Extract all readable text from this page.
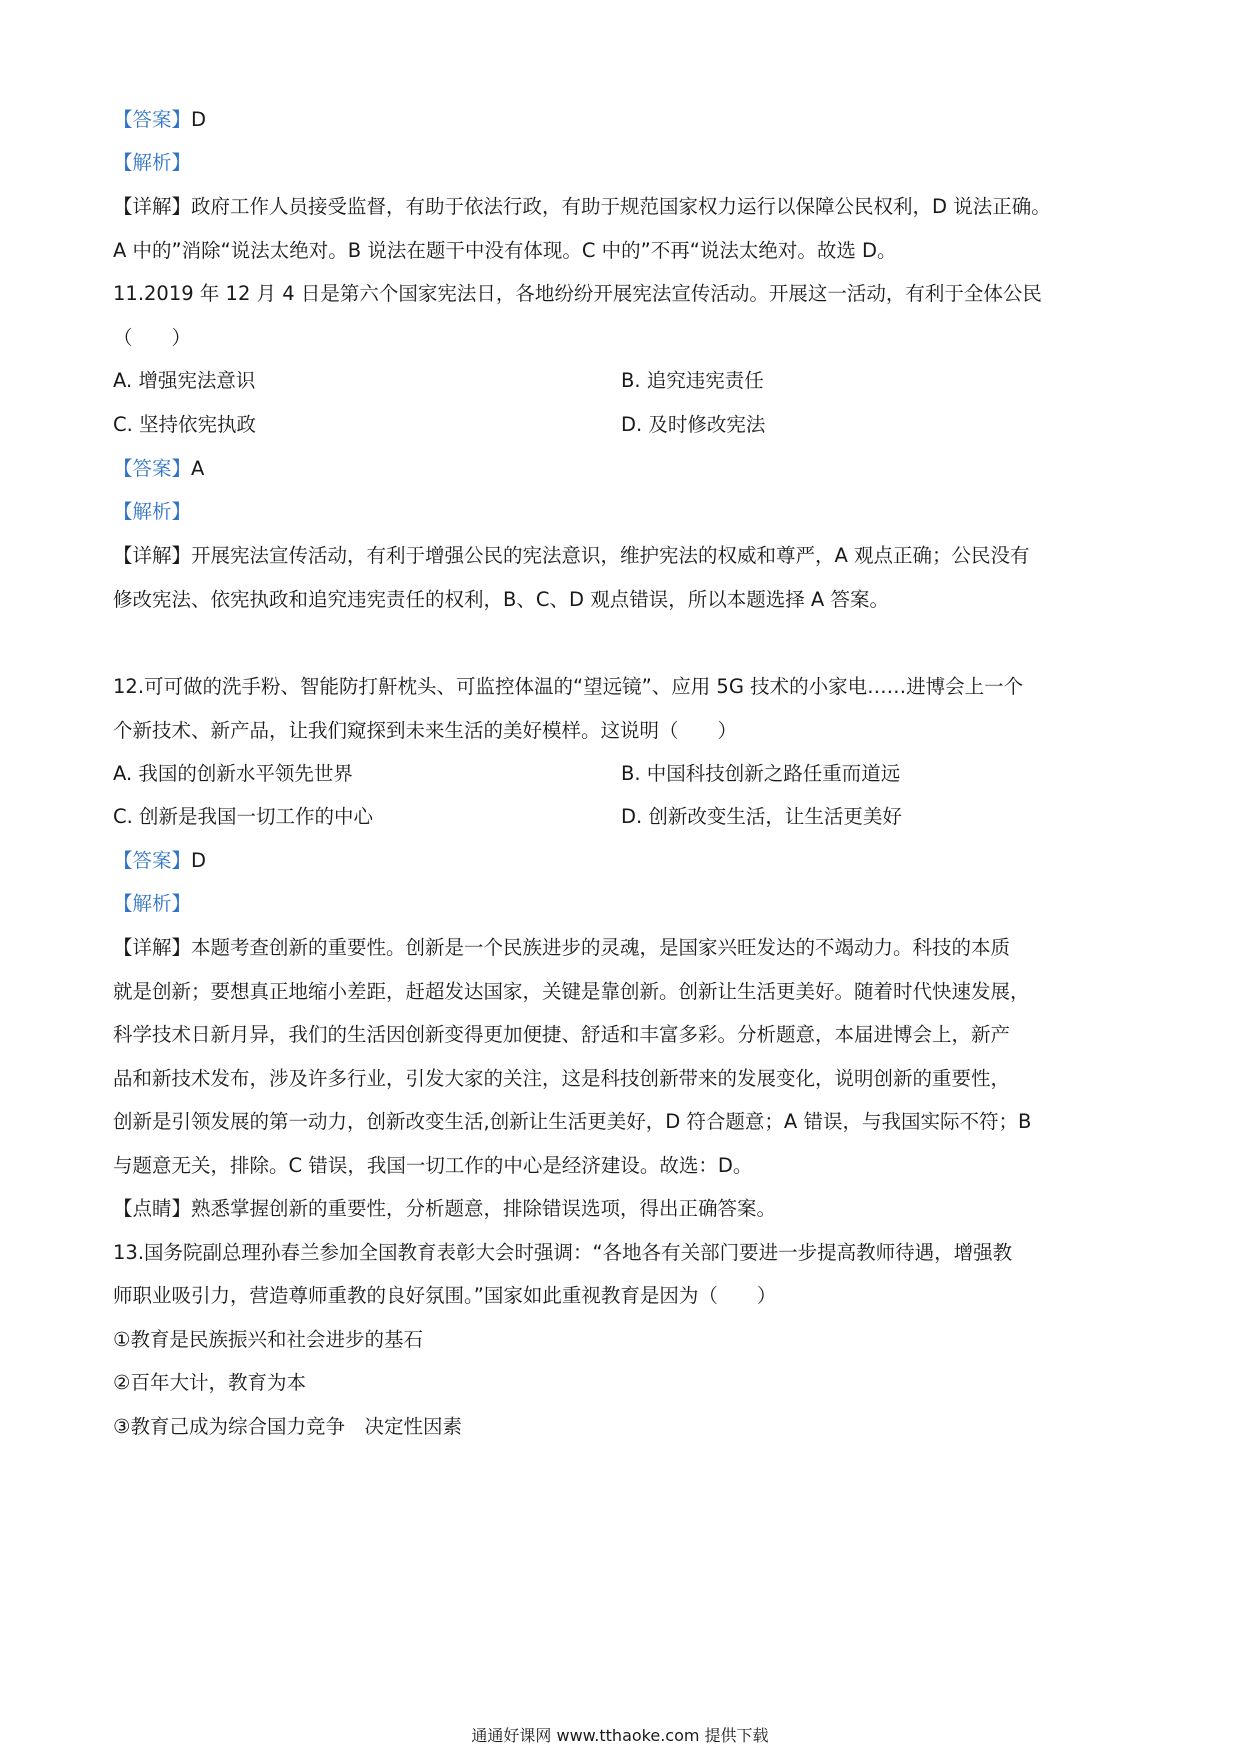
【答案】D
【解析】
【详解】政府工作人员接受监督，有助于依法行政，有助于规范国家权力运行以保障公民权利，D 说法正确。
A 中的”消除“说法太绝对。B 说法在题干中没有体现。C 中的”不再“说法太绝对。故选 D。
11.2019 年 12 月 4 日是第六个国家宪法日，各地纷纷开展宪法宣传活动。开展这一活动，有利于全体公民
（　　）
A. 增强宪法意识	B. 追究违宪责任
C. 坚持依宪执政	D. 及时修改宪法
【答案】A
【解析】
【详解】开展宪法宣传活动，有利于增强公民的宪法意识，维护宪法的权威和尊严，A 观点正确；公民没有
修改宪法、依宪执政和追究违宪责任的权利，B、C、D 观点错误，所以本题选择 A 答案。
12.可可做的洗手粉、智能防打鼾枕头、可监控体温的“望远镜”、应用 5G 技术的小家电……进博会上一个
个新技术、新产品，让我们窥探到未来生活的美好模样。这说明（　　）
A. 我国的创新水平领先世界	B. 中国科技创新之路任重而道远
C. 创新是我国一切工作的中心	D. 创新改变生活，让生活更美好
【答案】D
【解析】
【详解】本题考查创新的重要性。创新是一个民族进步的灵魂，是国家兴旺发达的不竭动力。科技的本质
就是创新；要想真正地缩小差距，赶超发达国家，关键是靠创新。创新让生活更美好。随着时代快速发展，
科学技术日新月异，我们的生活因创新变得更加便捷、舒适和丰富多彩。分析题意，本届进博会上，新产
品和新技术发布，涉及许多行业，引发大家的关注，这是科技创新带来的发展变化，说明创新的重要性，
创新是引领发展的第一动力，创新改变生活,创新让生活更美好，D 符合题意；A 错误，与我国实际不符；B
与题意无关，排除。C 错误，我国一切工作的中心是经济建设。故选：D。
【点睛】熟悉掌握创新的重要性，分析题意，排除错误选项，得出正确答案。
13.国务院副总理孙春兰参加全国教育表彰大会时强调：“各地各有关部门要进一步提高教师待遇，增强教
师职业吸引力，营造尊师重教的良好氛围。”国家如此重视教育是因为（　　）
①教育是民族振兴和社会进步的基石
②百年大计，教育为本
③教育己成为综合国力竞争　决定性因素
通通好课网 www.tthaoke.com 提供下载
